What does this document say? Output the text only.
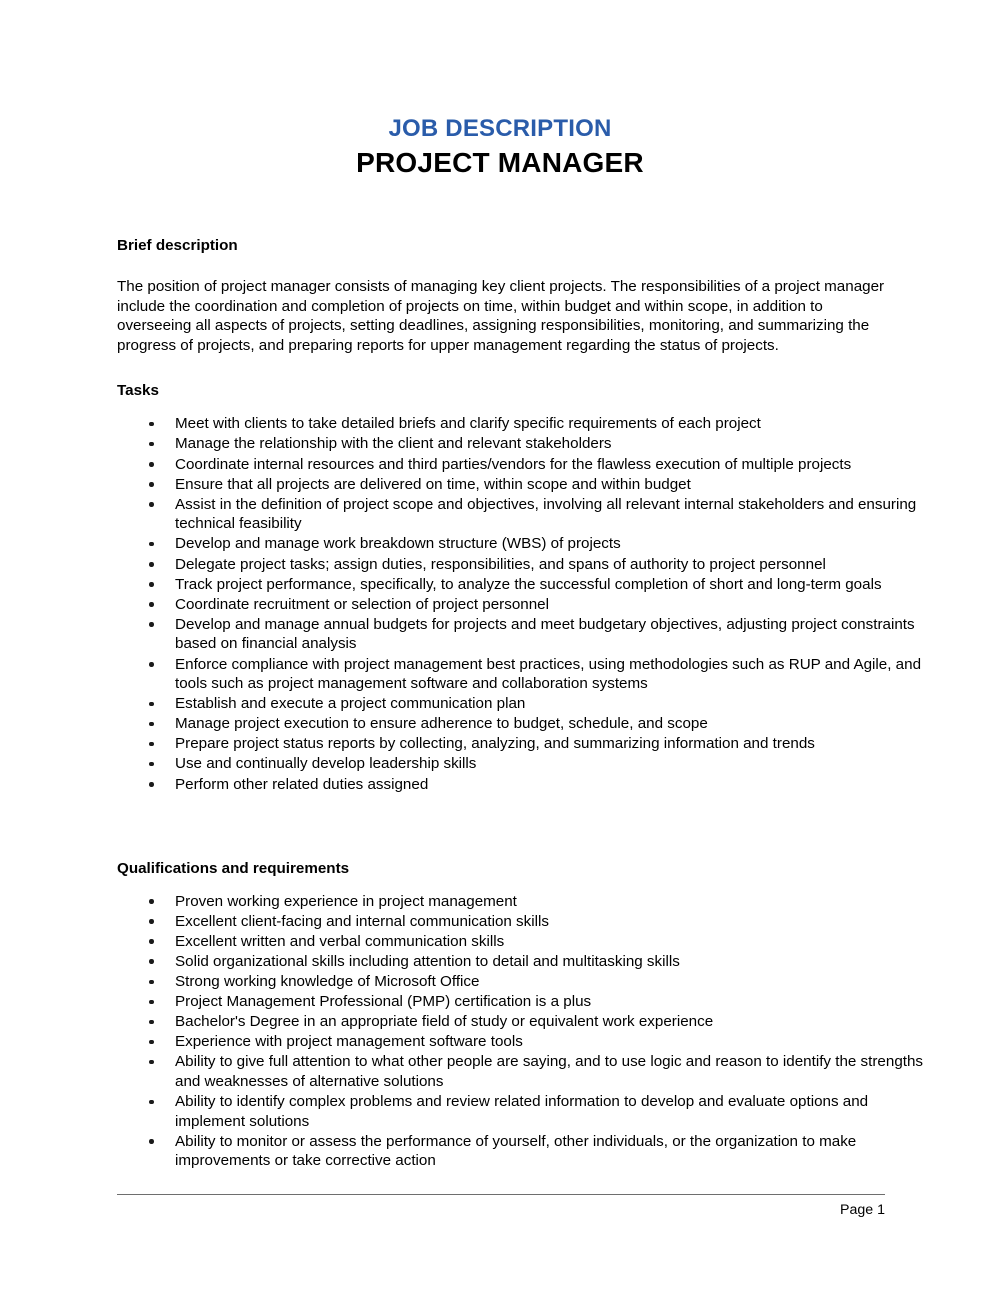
JOB DESCRIPTION
PROJECT MANAGER
Brief description

The position of project manager consists of managing key client projects. The responsibilities of a project manager include the coordination and completion of projects on time, within budget and within scope, in addition to overseeing all aspects of projects, setting deadlines, assigning responsibilities, monitoring, and summarizing the progress of projects, and preparing reports for upper management regarding the status of projects.

Tasks
Meet with clients to take detailed briefs and clarify specific requirements of each project
Manage the relationship with the client and relevant stakeholders
Coordinate internal resources and third parties/vendors for the flawless execution of multiple projects
Ensure that all projects are delivered on time, within scope and within budget
Assist in the definition of project scope and objectives, involving all relevant internal stakeholders and ensuring technical feasibility
Develop and manage work breakdown structure (WBS) of projects
Delegate project tasks; assign duties, responsibilities, and spans of authority to project personnel
Track project performance, specifically, to analyze the successful completion of short and long-term goals
Coordinate recruitment or selection of project personnel
Develop and manage annual budgets for projects and meet budgetary objectives, adjusting project constraints based on financial analysis
Enforce compliance with project management best practices, using methodologies such as RUP and Agile, and tools such as project management software and collaboration systems
Establish and execute a project communication plan
Manage project execution to ensure adherence to budget, schedule, and scope
Prepare project status reports by collecting, analyzing, and summarizing information and trends
Use and continually develop leadership skills
Perform other related duties assigned
Qualifications and requirements
Proven working experience in project management
Excellent client-facing and internal communication skills
Excellent written and verbal communication skills
Solid organizational skills including attention to detail and multitasking skills
Strong working knowledge of Microsoft Office
Project Management Professional (PMP) certification is a plus
Bachelor's Degree in an appropriate field of study or equivalent work experience
Experience with project management software tools
Ability to give full attention to what other people are saying, and to use logic and reason to identify the strengths and weaknesses of alternative solutions
Ability to identify complex problems and review related information to develop and evaluate options and implement solutions
Ability to monitor or assess the performance of yourself, other individuals, or the organization to make improvements or take corrective action
Page 1
